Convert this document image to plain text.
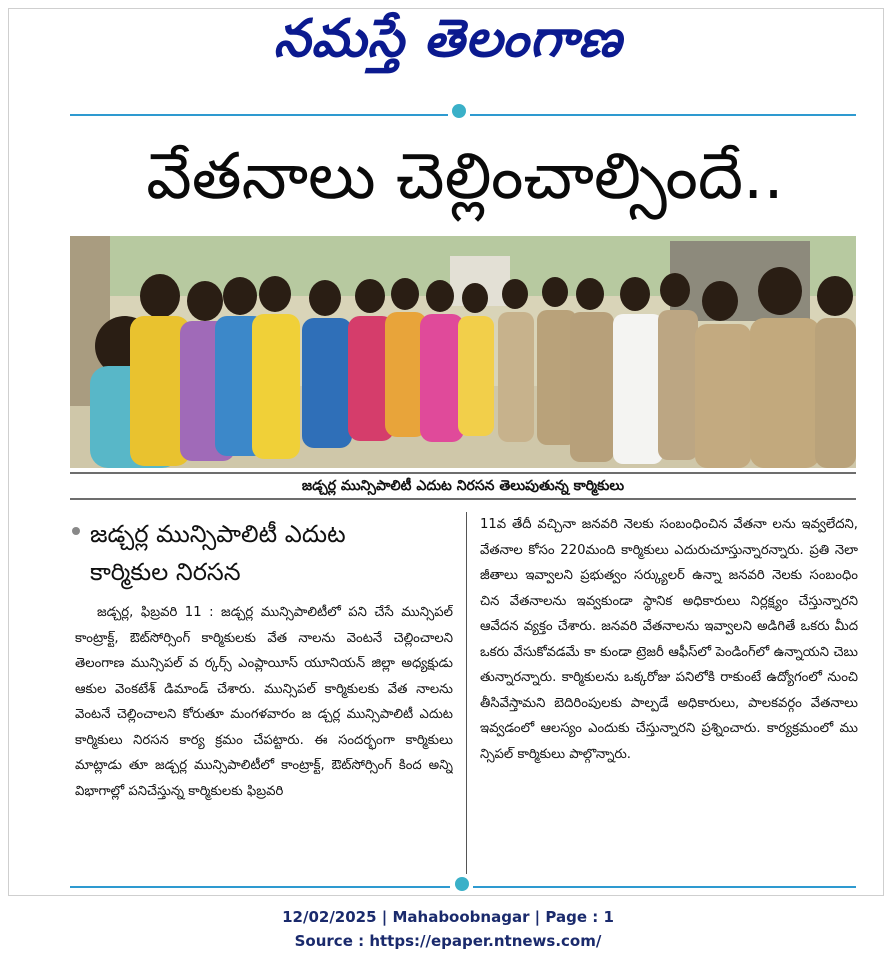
నమస్తే తెలంగాణ
వేతనాలు చెల్లించాల్సిందే..
జడ్చర్ల మున్సిపాలిటీ ఎదుట నిరసన తెలుపుతున్న కార్మికులు
జడ్చర్ల మున్సిపాలిటీ ఎదుట
కార్మికుల నిరసన
జడ్చర్ల, ఫిబ్రవరి 11 : జడ్చర్ల మున్సిపాలిటీలో పని చేసే మున్సిపల్ కాంట్రాక్ట్, ఔట్‌సోర్సింగ్ కార్మికులకు వేత నాలను వెంటనే చెల్లించాలని తెలంగాణ మున్సిపల్ వ ర్కర్స్ ఎంప్లాయీస్ యూనియన్ జిల్లా అధ్యక్షుడు ఆకుల వెంకటేశ్ డిమాండ్ చేశారు. మున్సిపల్ కార్మికులకు వేత నాలను వెంటనే చెల్లించాలని కోరుతూ మంగళవారం జ డ్చర్ల మున్సిపాలిటీ ఎదుట కార్మికులు నిరసన కార్య క్రమం చేపట్టారు. ఈ సందర్భంగా కార్మికులు మాట్లాడు తూ జడ్చర్ల మున్సిపాలిటీలో కాంట్రాక్ట్, ఔట్‌సోర్సింగ్ కింద అన్ని విభాగాల్లో పనిచేస్తున్న కార్మికులకు ఫిబ్రవరి
11వ తేదీ వచ్చినా జనవరి నెలకు సంబంధించిన వేతనా లను ఇవ్వలేదని, వేతనాల కోసం 220మంది కార్మికులు ఎదురుచూస్తున్నారన్నారు. ప్రతి నెలా జీతాలు ఇవ్వాలని ప్రభుత్వం సర్క్యులర్ ఉన్నా జనవరి నెలకు సంబంధిం చిన వేతనాలను ఇవ్వకుండా స్థానిక అధికారులు నిర్లక్ష్యం చేస్తున్నారని ఆవేదన వ్యక్తం చేశారు. జనవరి వేతనాలను ఇవ్వాలని అడిగితే ఒకరు మీద ఒకరు వేసుకోవడమే కా కుండా ట్రెజరీ ఆఫీస్‌లో పెండింగ్‌లో ఉన్నాయని చెబు తున్నారన్నారు. కార్మికులను ఒక్కరోజు పనిలోకి రాకుంటే ఉద్యోగంలో నుంచి తీసివేస్తామని బెదిరింపులకు పాల్పడే అధికారులు, పాలకవర్గం వేతనాలు ఇవ్వడంలో ఆలస్యం ఎందుకు చేస్తున్నారని ప్రశ్నించారు. కార్యక్రమంలో ము న్సిపల్ కార్మికులు పాల్గొన్నారు.
12/02/2025 | Mahaboobnagar | Page : 1
Source : https://epaper.ntnews.com/
